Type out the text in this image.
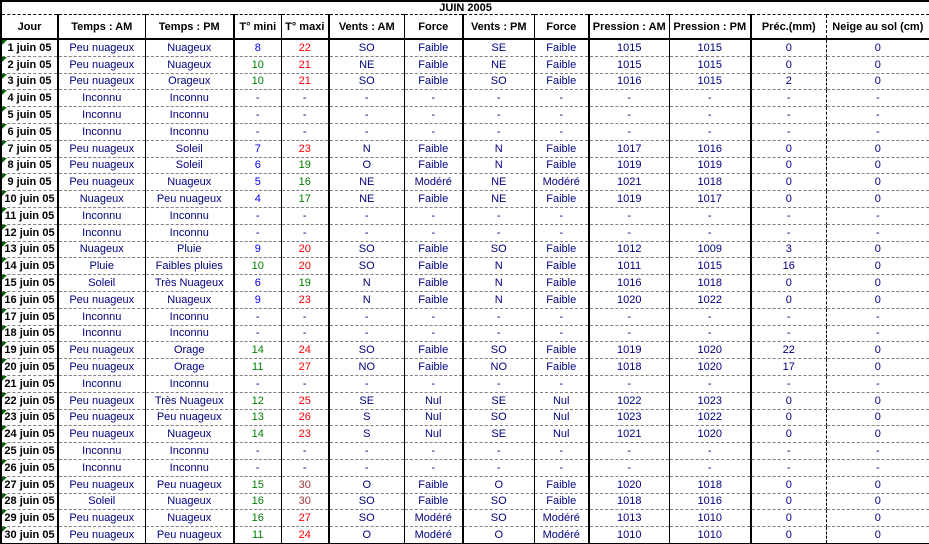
JUIN 2005												
Jour	Temps : AM	Temps : PM	T° mini	T° maxi	Vents : AM	Force	Vents : PM	Force	Pression : AM	Pression : PM	Préc.(mm)	Neige au sol (cm)

1 juin 05	Peu nuageux	Nuageux	8	22	SO	Faible	SE	Faible	1015	1015	0	0

2 juin 05	Peu nuageux	Nuageux	10	21	NE	Faible	NE	Faible	1015	1015	0	0

3 juin 05	Peu nuageux	Orageux	10	21	SO	Faible	SO	Faible	1016	1015	2	0

4 juin 05	Inconnu	Inconnu	-	-	-	-	-	-	-	-	-	-

5 juin 05	Inconnu	Inconnu	-	-	-	-	-	-	-	-	-	-

6 juin 05	Inconnu	Inconnu	-	-	-	-	-	-	-	-	-	-

7 juin 05	Peu nuageux	Soleil	7	23	N	Faible	N	Faible	1017	1016	0	0

8 juin 05	Peu nuageux	Soleil	6	19	O	Faible	N	Faible	1019	1019	0	0

9 juin 05	Peu nuageux	Nuageux	5	16	NE	Modéré	NE	Modéré	1021	1018	0	0

10 juin 05	Nuageux	Peu nuageux	4	17	NE	Faible	NE	Faible	1019	1017	0	0

11 juin 05	Inconnu	Inconnu	-	-	-	-	-	-	-	-	-	-

12 juin 05	Inconnu	Inconnu	-	-	-	-	-	-	-	-	-	-

13 juin 05	Nuageux	Pluie	9	20	SO	Faible	SO	Faible	1012	1009	3	0

14 juin 05	Pluie	Faibles pluies	10	20	SO	Faible	N	Faible	1011	1015	16	0

15 juin 05	Soleil	Très Nuageux	6	19	N	Faible	N	Faible	1016	1018	0	0

16 juin 05	Peu nuageux	Nuageux	9	23	N	Faible	N	Faible	1020	1022	0	0

17 juin 05	Inconnu	Inconnu	-	-	-	-	-	-	-	-	-	-

18 juin 05	Inconnu	Inconnu	-	-	-	-	-	-	-	-	-	-

19 juin 05	Peu nuageux	Orage	14	24	SO	Faible	SO	Faible	1019	1020	22	0

20 juin 05	Peu nuageux	Orage	11	27	NO	Faible	NO	Faible	1018	1020	17	0

21 juin 05	Inconnu	Inconnu	-	-	-	-	-	-	-	-	-	-

22 juin 05	Peu nuageux	Très Nuageux	12	25	SE	Nul	SE	Nul	1022	1023	0	0

23 juin 05	Peu nuageux	Peu nuageux	13	26	S	Nul	SO	Nul	1023	1022	0	0

24 juin 05	Peu nuageux	Nuageux	14	23	S	Nul	SE	Nul	1021	1020	0	0

25 juin 05	Inconnu	Inconnu	-	-	-	-	-	-	-	-	-	-

26 juin 05	Inconnu	Inconnu	-	-	-	-	-	-	-	-	-	-

27 juin 05	Peu nuageux	Peu nuageux	15	30	O	Faible	O	Faible	1020	1018	0	0

28 juin 05	Soleil	Nuageux	16	30	SO	Faible	SO	Faible	1018	1016	0	0

29 juin 05	Peu nuageux	Nuageux	16	27	SO	Modéré	SO	Modéré	1013	1010	0	0

30 juin 05	Peu nuageux	Peu nuageux	11	24	O	Modéré	O	Modéré	1010	1010	0	0
